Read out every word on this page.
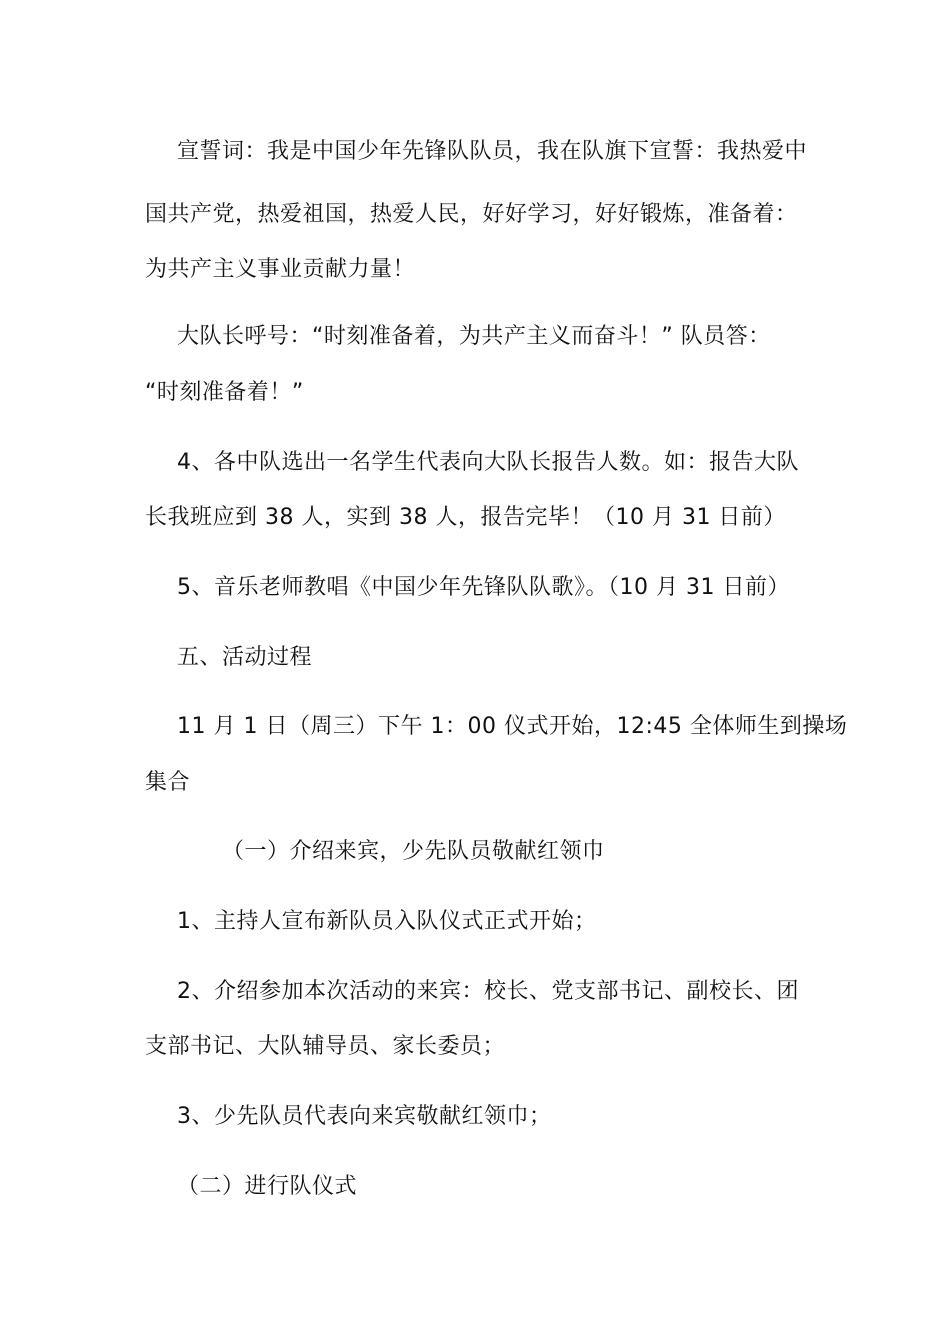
宣誓词：我是中国少年先锋队队员，我在队旗下宣誓：我热爱中
国共产党，热爱祖国，热爱人民，好好学习，好好锻炼，准备着：
为共产主义事业贡献力量！
大队长呼号：“时刻准备着，为共产主义而奋斗！” 队员答：
“时刻准备着！”
4、各中队选出一名学生代表向大队长报告人数。如：报告大队
长我班应到 38 人，实到 38 人，报告完毕！（10 月 31 日前）
5、音乐老师教唱《中国少年先锋队队歌》。（10 月 31 日前）
五、活动过程
11 月 1 日（周三）下午 1：00 仪式开始，12:45 全体师生到操场
集合
（一）介绍来宾，少先队员敬献红领巾
1、主持人宣布新队员入队仪式正式开始；
2、介绍参加本次活动的来宾：校长、党支部书记、副校长、团
支部书记、大队辅导员、家长委员；
3、少先队员代表向来宾敬献红领巾；
（二）进行队仪式
